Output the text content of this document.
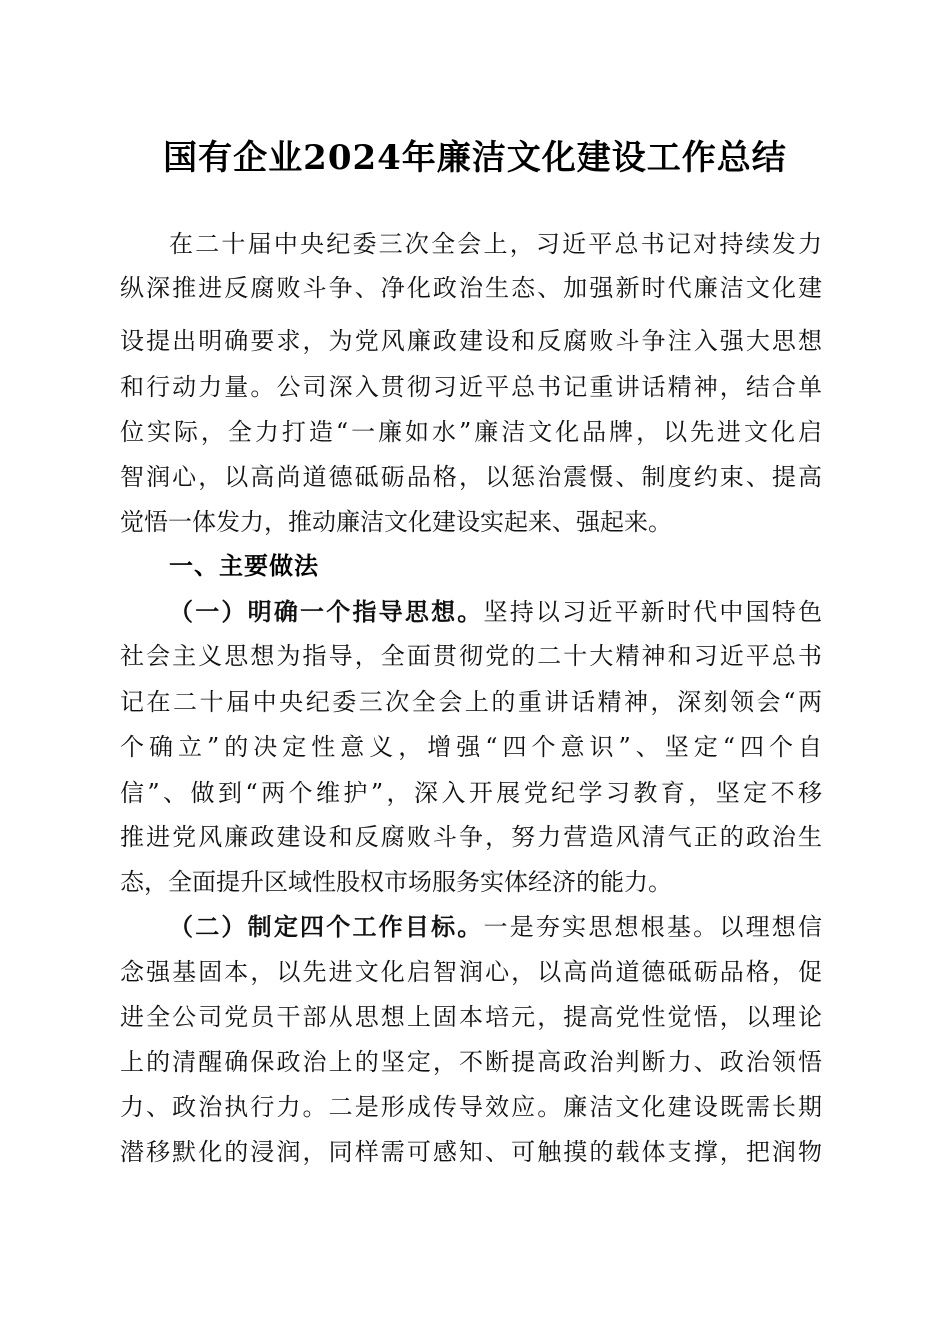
国有企业2024年廉洁文化建设工作总结

在二十届中央纪委三次全会上，习近平总书记对持续发力

纵深推进反腐败斗争、净化政治生态、加强新时代廉洁文化建

设提出明确要求，为党风廉政建设和反腐败斗争注入强大思想

和行动力量。公司深入贯彻习近平总书记重讲话精神，结合单

位实际，全力打造“一廉如水”廉洁文化品牌，以先进文化启

智润心，以高尚道德砥砺品格，以惩治震慑、制度约束、提高

觉悟一体发力，推动廉洁文化建设实起来、强起来。

一、主要做法

（一）明确一个指导思想。坚持以习近平新时代中国特色

社会主义思想为指导，全面贯彻党的二十大精神和习近平总书

记在二十届中央纪委三次全会上的重讲话精神，深刻领会“两

个确立”的决定性意义，增强“四个意识”、坚定“四个自

信”、做到“两个维护”，深入开展党纪学习教育，坚定不移

推进党风廉政建设和反腐败斗争，努力营造风清气正的政治生

态，全面提升区域性股权市场服务实体经济的能力。

（二）制定四个工作目标。一是夯实思想根基。以理想信

念强基固本，以先进文化启智润心，以高尚道德砥砺品格，促

进全公司党员干部从思想上固本培元，提高党性觉悟，以理论

上的清醒确保政治上的坚定，不断提高政治判断力、政治领悟

力、政治执行力。二是形成传导效应。廉洁文化建设既需长期

潜移默化的浸润，同样需可感知、可触摸的载体支撑，把润物
